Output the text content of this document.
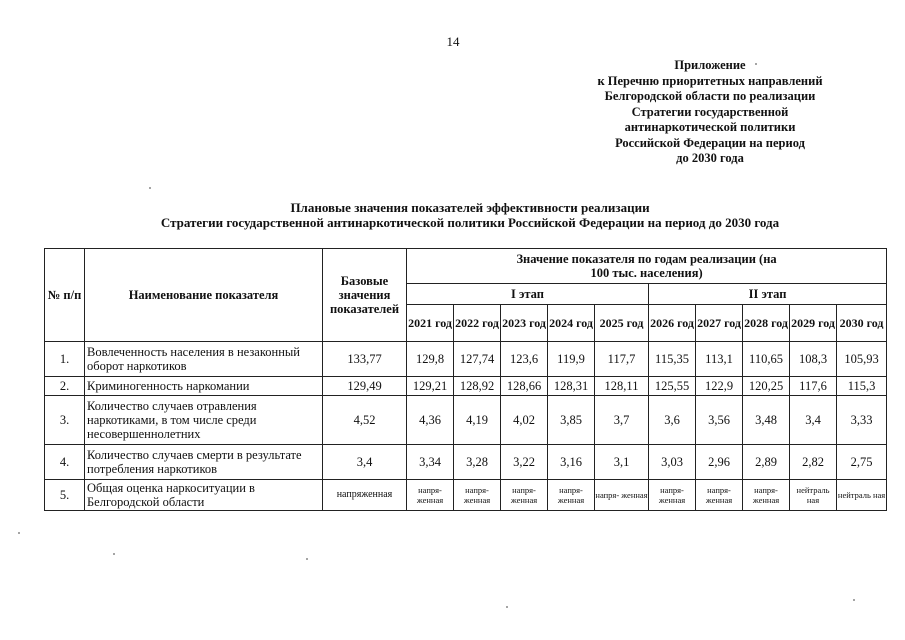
14
Приложение
к Перечню приоритетных направлений
Белгородской области по реализации
Стратегии государственной
антинаркотической политики
Российской Федерации на период
до 2030 года
Плановые значения показателей эффективности реализации
Стратегии государственной антинаркотической политики Российской Федерации на период до 2030 года
№ п/п	Наименование показателя	Базовые значения показателей	Значение показателя по годам реализации (на 100 тыс. населения)									
			I этап					II этап				
			2021 год	2022 год	2023 год	2024 год	2025 год	2026 год	2027 год	2028 год	2029 год	2030 год
1.	Вовлеченность населения в незаконный оборот наркотиков	133,77	129,8	127,74	123,6	119,9	117,7	115,35	113,1	110,65	108,3	105,93
2.	Криминогенность наркомании	129,49	129,21	128,92	128,66	128,31	128,11	125,55	122,9	120,25	117,6	115,3
3.	Количество случаев отравления наркотиками, в том числе среди несовершеннолетних	4,52	4,36	4,19	4,02	3,85	3,7	3,6	3,56	3,48	3,4	3,33
4.	Количество случаев смерти в результате потребления наркотиков	3,4	3,34	3,28	3,22	3,16	3,1	3,03	2,96	2,89	2,82	2,75
5.	Общая оценка наркоситуации в Белгородской области	напряженная	напря- женная	напря- женная	напря- женная	напря- женная	напря- женная	напря- женная	напря- женная	напря- женная	нейтраль ная	нейтраль ная
